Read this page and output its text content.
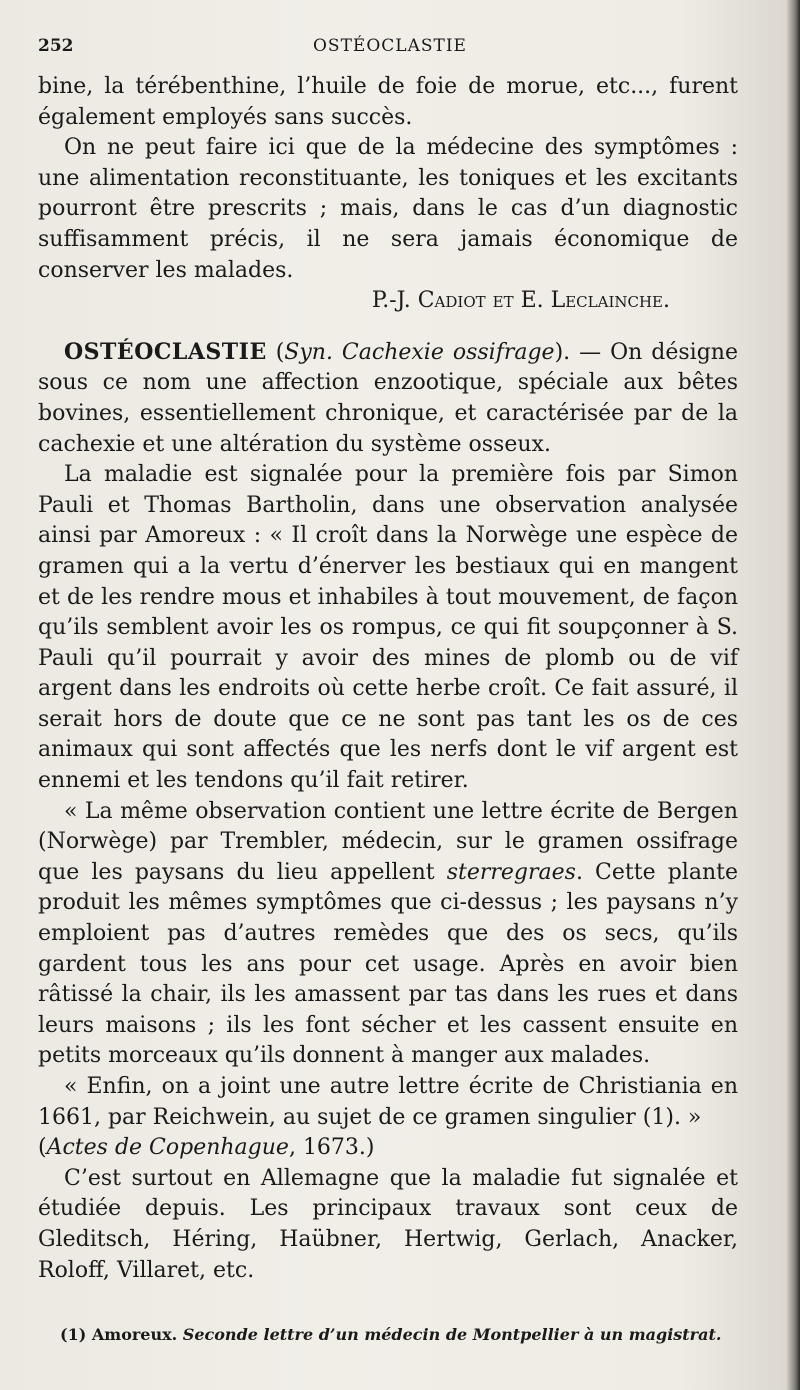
252	OSTÉOCLASTIE

bine, la térébenthine, l’huile de foie de morue, etc..., furent également employés sans succès.

On ne peut faire ici que de la médecine des symptômes : une alimentation reconstituante, les toniques et les excitants pourront être prescrits ; mais, dans le cas d’un diagnostic suffisamment précis, il ne sera jamais économique de conserver les malades.

P.-J. Cadiot et E. Leclainche.

OSTÉOCLASTIE (Syn. Cachexie ossifrage). — On désigne sous ce nom une affection enzootique, spéciale aux bêtes bovines, essentiellement chronique, et caractérisée par de la cachexie et une altération du système osseux.

La maladie est signalée pour la première fois par Simon Pauli et Thomas Bartholin, dans une observation analysée ainsi par Amoreux : « Il croît dans la Norwège une espèce de gramen qui a la vertu d’énerver les bestiaux qui en mangent et de les rendre mous et inhabiles à tout mouvement, de façon qu’ils semblent avoir les os rompus, ce qui fit soupçonner à S. Pauli qu’il pourrait y avoir des mines de plomb ou de vif argent dans les endroits où cette herbe croît. Ce fait assuré, il serait hors de doute que ce ne sont pas tant les os de ces animaux qui sont affectés que les nerfs dont le vif argent est ennemi et les tendons qu’il fait retirer.

« La même observation contient une lettre écrite de Bergen (Norwège) par Trembler, médecin, sur le gramen ossifrage que les paysans du lieu appellent sterregraes. Cette plante produit les mêmes symptômes que ci-dessus ; les paysans n’y emploient pas d’autres remèdes que des os secs, qu’ils gardent tous les ans pour cet usage. Après en avoir bien râtissé la chair, ils les amassent par tas dans les rues et dans leurs maisons ; ils les font sécher et les cassent ensuite en petits morceaux qu’ils donnent à manger aux malades.

« Enfin, on a joint une autre lettre écrite de Christiania en 1661, par Reichwein, au sujet de ce gramen singulier (1). »

(Actes de Copenhague, 1673.)

C’est surtout en Allemagne que la maladie fut signalée et étudiée depuis. Les principaux travaux sont ceux de Gleditsch, Héring, Haübner, Hertwig, Gerlach, Anacker, Roloff, Villaret, etc.

(1) Amoreux. Seconde lettre d’un médecin de Montpellier à un magistrat.
